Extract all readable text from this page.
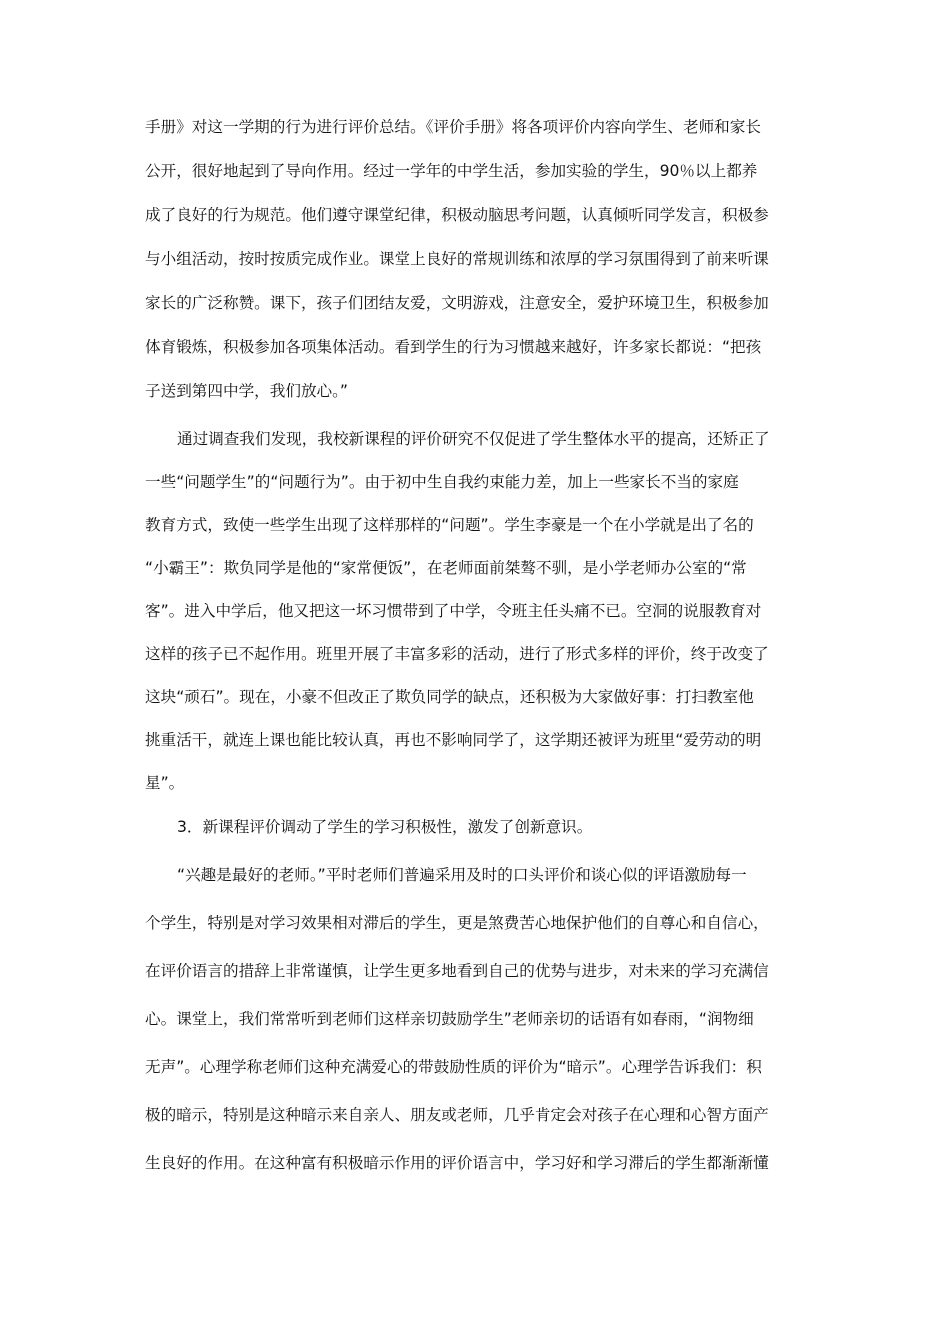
手册》对这一学期的行为进行评价总结。《评价手册》将各项评价内容向学生、老师和家长
公开，很好地起到了导向作用。经过一学年的中学生活，参加实验的学生，90％以上都养
成了良好的行为规范。他们遵守课堂纪律，积极动脑思考问题，认真倾听同学发言，积极参
与小组活动，按时按质完成作业。课堂上良好的常规训练和浓厚的学习氛围得到了前来听课
家长的广泛称赞。课下，孩子们团结友爱，文明游戏，注意安全，爱护环境卫生，积极参加
体育锻炼，积极参加各项集体活动。看到学生的行为习惯越来越好，许多家长都说：“把孩
子送到第四中学，我们放心。”
通过调查我们发现，我校新课程的评价研究不仅促进了学生整体水平的提高，还矫正了
一些“问题学生”的“问题行为”。由于初中生自我约束能力差，加上一些家长不当的家庭
教育方式，致使一些学生出现了这样那样的“问题”。学生李豪是一个在小学就是出了名的
“小霸王”：欺负同学是他的“家常便饭”，在老师面前桀骜不驯，是小学老师办公室的“常
客”。进入中学后，他又把这一坏习惯带到了中学，令班主任头痛不已。空洞的说服教育对
这样的孩子已不起作用。班里开展了丰富多彩的活动，进行了形式多样的评价，终于改变了
这块“顽石”。现在，小豪不但改正了欺负同学的缺点，还积极为大家做好事：打扫教室他
挑重活干，就连上课也能比较认真，再也不影响同学了，这学期还被评为班里“爱劳动的明
星”。
3．新课程评价调动了学生的学习积极性，激发了创新意识。
“兴趣是最好的老师。”平时老师们普遍采用及时的口头评价和谈心似的评语激励每一
个学生，特别是对学习效果相对滞后的学生，更是煞费苦心地保护他们的自尊心和自信心，
在评价语言的措辞上非常谨慎，让学生更多地看到自己的优势与进步，对未来的学习充满信
心。课堂上，我们常常听到老师们这样亲切鼓励学生”老师亲切的话语有如春雨，“润物细
无声”。心理学称老师们这种充满爱心的带鼓励性质的评价为“暗示”。心理学告诉我们：积
极的暗示，特别是这种暗示来自亲人、朋友或老师，几乎肯定会对孩子在心理和心智方面产
生良好的作用。在这种富有积极暗示作用的评价语言中，学习好和学习滞后的学生都渐渐懂
